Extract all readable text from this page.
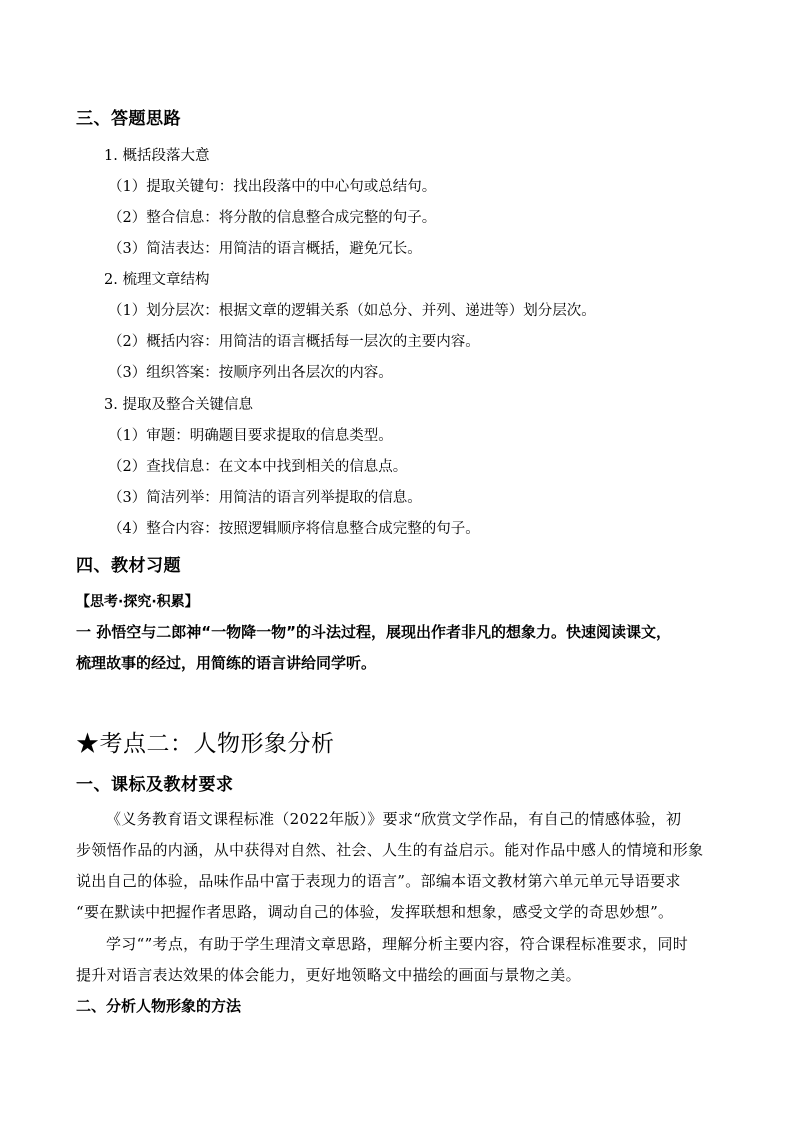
三、答题思路
1. 概括段落大意
（1）提取关键句：找出段落中的中心句或总结句。
（2）整合信息：将分散的信息整合成完整的句子。
（3）简洁表达：用简洁的语言概括，避免冗长。
2. 梳理文章结构
（1）划分层次：根据文章的逻辑关系（如总分、并列、递进等）划分层次。
（2）概括内容：用简洁的语言概括每一层次的主要内容。
（3）组织答案：按顺序列出各层次的内容。
3. 提取及整合关键信息
（1）审题：明确题目要求提取的信息类型。
（2）查找信息：在文本中找到相关的信息点。
（3）简洁列举：用简洁的语言列举提取的信息。
（4）整合内容：按照逻辑顺序将信息整合成完整的句子。
四、教材习题
【思考·探究·积累】
一 孙悟空与二郎神“一物降一物”的斗法过程，展现出作者非凡的想象力。快速阅读课文，
梳理故事的经过，用简练的语言讲给同学听。
★考点二：人物形象分析
一、课标及教材要求
《义务教育语文课程标准（2022年版）》要求“欣赏文学作品，有自己的情感体验，初
步领悟作品的内涵，从中获得对自然、社会、人生的有益启示。能对作品中感人的情境和形象
说出自己的体验，品味作品中富于表现力的语言”。部编本语文教材第六单元单元导语要求
“要在默读中把握作者思路，调动自己的体验，发挥联想和想象，感受文学的奇思妙想”。
学习“”考点，有助于学生理清文章思路，理解分析主要内容，符合课程标准要求，同时
提升对语言表达效果的体会能力，更好地领略文中描绘的画面与景物之美。
二、分析人物形象的方法
